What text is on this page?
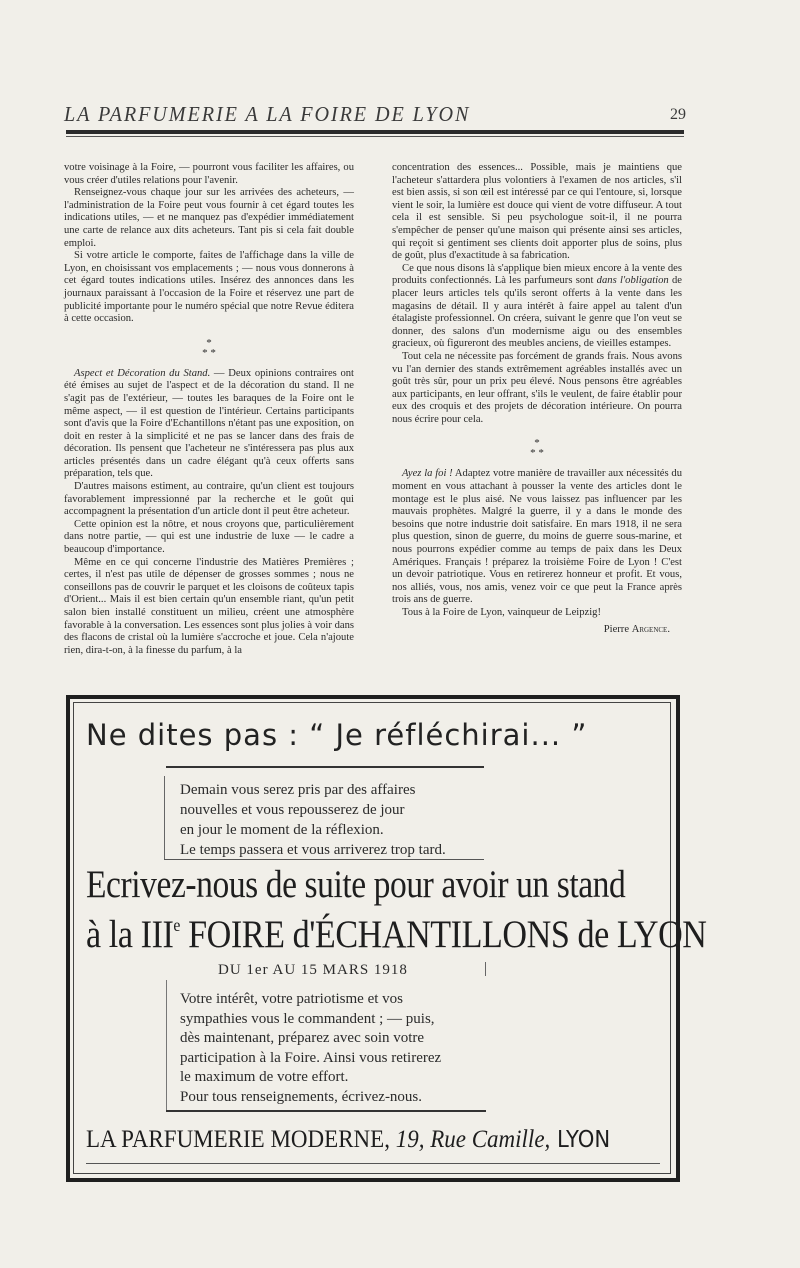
LA PARFUMERIE A LA FOIRE DE LYON	29

votre voisinage à la Foire, — pourront vous faciliter les affaires, ou vous créer d'utiles relations pour l'avenir.

Renseignez-vous chaque jour sur les arrivées des acheteurs, — l'administration de la Foire peut vous fournir à cet égard toutes les indications utiles, — et ne manquez pas d'expédier immédiatement une carte de relance aux dits acheteurs. Tant pis si cela fait double emploi.

Si votre article le comporte, faites de l'affichage dans la ville de Lyon, en choisissant vos emplacements ; — nous vous donnerons à cet égard toutes indications utiles. Insérez des annonces dans les journaux paraissant à l'occasion de la Foire et réservez une part de publicité importante pour le numéro spécial que notre Revue éditera à cette occasion.

*
* *

Aspect et Décoration du Stand. — Deux opinions contraires ont été émises au sujet de l'aspect et de la décoration du stand. Il ne s'agit pas de l'extérieur, — toutes les baraques de la Foire ont le même aspect, — il est question de l'intérieur. Certains participants sont d'avis que la Foire d'Echantillons n'étant pas une exposition, on doit en rester à la simplicité et ne pas se lancer dans des frais de décoration. Ils pensent que l'acheteur ne s'intéressera pas plus aux articles présentés dans un cadre élégant qu'à ceux offerts sans préparation, tels que.

D'autres maisons estiment, au contraire, qu'un client est toujours favorablement impressionné par la recherche et le goût qui accompagnent la présentation d'un article dont il peut être acheteur.

Cette opinion est la nôtre, et nous croyons que, particulièrement dans notre partie, — qui est une industrie de luxe — le cadre a beaucoup d'importance.

Même en ce qui concerne l'industrie des Matières Premières ; certes, il n'est pas utile de dépenser de grosses sommes ; nous ne conseillons pas de couvrir le parquet et les cloisons de coûteux tapis d'Orient... Mais il est bien certain qu'un ensemble riant, qu'un petit salon bien installé constituent un milieu, créent une atmosphère favorable à la conversation. Les essences sont plus jolies à voir dans des flacons de cristal où la lumière s'accroche et joue. Cela n'ajoute rien, dira-t-on, à la finesse du parfum, à la

concentration des essences... Possible, mais je maintiens que l'acheteur s'attardera plus volontiers à l'examen de nos articles, s'il est bien assis, si son œil est intéressé par ce qui l'entoure, si, lorsque vient le soir, la lumière est douce qui vient de votre diffuseur. A tout cela il est sensible. Si peu psychologue soit-il, il ne pourra s'empêcher de penser qu'une maison qui présente ainsi ses articles, qui reçoit si gentiment ses clients doit apporter plus de soins, plus de goût, plus d'exactitude à sa fabrication.

Ce que nous disons là s'applique bien mieux encore à la vente des produits confectionnés. Là les parfumeurs sont dans l'obligation de placer leurs articles tels qu'ils seront offerts à la vente dans les magasins de détail. Il y aura intérêt à faire appel au talent d'un étalagiste professionnel. On créera, suivant le genre que l'on veut se donner, des salons d'un modernisme aigu ou des ensembles gracieux, où figureront des meubles anciens, de vieilles estampes.

Tout cela ne nécessite pas forcément de grands frais. Nous avons vu l'an dernier des stands extrêmement agréables installés avec un goût très sûr, pour un prix peu élevé. Nous pensons être agréables aux participants, en leur offrant, s'ils le veulent, de faire établir pour eux des croquis et des projets de décoration intérieure. On pourra nous écrire pour cela.

*
* *

Ayez la foi ! Adaptez votre manière de travailler aux nécessités du moment en vous attachant à pousser la vente des articles dont le montage est le plus aisé. Ne vous laissez pas influencer par les mauvais prophètes. Malgré la guerre, il y a dans le monde des besoins que notre industrie doit satisfaire. En mars 1918, il ne sera plus question, sinon de guerre, du moins de guerre sous-marine, et nous pourrons expédier comme au temps de paix dans les Deux Amériques. Français ! préparez la troisième Foire de Lyon ! C'est un devoir patriotique. Vous en retirerez honneur et profit. Et vous, nos alliés, vous, nos amis, venez voir ce que peut la France après trois ans de guerre.

Tous à la Foire de Lyon, vainqueur de Leipzig!

Pierre Argence.
Ne dites pas : “ Je réfléchirai... ”
Demain vous serez pris par des affaires
nouvelles et vous repousserez de jour
en jour le moment de la réflexion.
Le temps passera et vous arriverez trop tard.
Ecrivez-nous de suite pour avoir un stand
à la IIIe FOIRE d'ÉCHANTILLONS de LYON
DU 1er AU 15 MARS 1918
Votre intérêt, votre patriotisme et vos
sympathies vous le commandent ; — puis,
dès maintenant, préparez avec soin votre
participation à la Foire. Ainsi vous retirerez
le maximum de votre effort.
Pour tous renseignements, écrivez-nous.
LA PARFUMERIE MODERNE, 19, Rue Camille, LYON
